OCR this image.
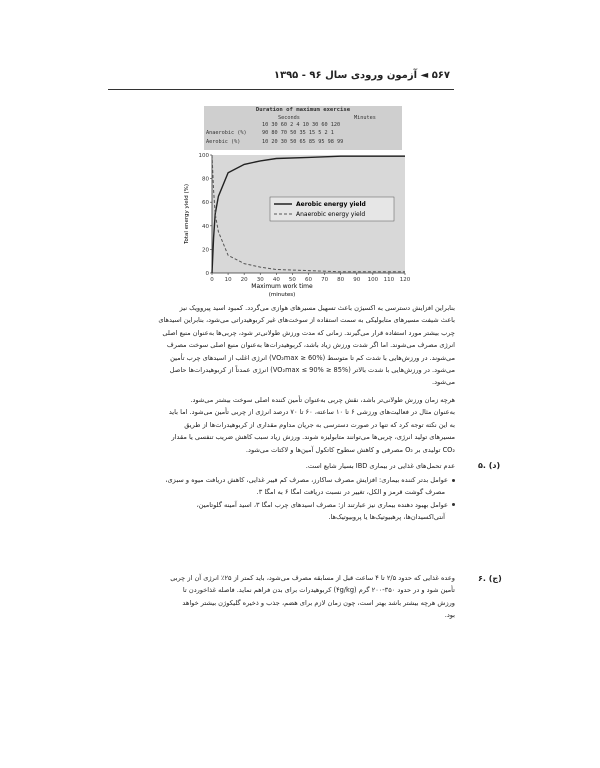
۵۶۷ ◄ آزمون ورودی سال ۹۶ - ۱۳۹۵
Duration of maximum exercise
Seconds	Minutes
10 30 60 2 4 10 30 60 120
Anaerobic (%)	90 80 70 50 35 15 5 2 1
Aerobic (%)	10 20 30 50 65 85 95 98 99
0 10 20 30 40 50 60 70 80 90 100 110 120
0
20
40
60
80
100
Aerobic energy yield
Anaerobic energy yield
Total energy yield (%)
Maximum work time
(minutes)
بنابراین افزایش دسترسی به اکسیژن باعث تسهیل مسیرهای هوازی می‌گردد. کمبود اسید پیروویک نیز
باعث شیفت مسیرهای متابولیکی به سمت استفاده از سوخت‌های غیر کربوهیدراتی می‌شود، بنابراین اسیدهای
چرب بیشتر مورد استفاده قرار می‌گیرند. زمانی که مدت ورزش طولانی‌تر شود، چربی‌ها به‌عنوان منبع اصلی
انرژی مصرف می‌شوند. اما اگر شدت ورزش زیاد باشد، کربوهیدرات‌ها به‌عنوان منبع اصلی سوخت مصرف
می‌شوند. در ورزش‌هایی با شدت کم تا متوسط (VO₂max ≥ 60%) انرژی اغلب از اسیدهای چرب تأمین
می‌شود. در ورزش‌هایی با شدت بالاتر (VO₂max ≤ 90% ≥ 85%) انرژی عمدتاً از کربوهیدرات‌ها حاصل
می‌شود.
هرچه زمان ورزش طولانی‌تر باشد، نقش چربی به‌عنوان تأمین کننده اصلی سوخت بیشتر می‌شود.
به‌عنوان مثال در فعالیت‌های ورزشی ۶ تا ۱۰ ساعته، ۶۰ تا ۷۰ درصد انرژی از چربی تأمین می‌شود. اما باید
به این نکته توجه کرد که تنها در صورت دسترسی به جریان مداوم مقداری از کربوهیدرات‌ها از طریق
مسیرهای تولید انرژی، چربی‌ها می‌توانند متابولیزه شوند. ورزش زیاد سبب کاهش ضریب تنفسی یا مقدار
CO₂ تولیدی بر O₂ مصرفی و کاهش سطوح کاتکول آمین‌ها و لاکتات می‌شود.
۵. (د)
عدم تحمل‌های غذایی در بیماری IBD بسیار شایع است.
عوامل بدتر کننده بیماری: افزایش مصرف ساکارز، مصرف کم فیبر غذایی، کاهش دریافت میوه و سبزی،
مصرف گوشت قرمز و الکل، تغییر در نسبت دریافت امگا ۶ به امگا ۳.
عوامل بهبود دهنده بیماری نیز عبارتند از: مصرف اسیدهای چرب امگا ۳، اسید آمینه گلوتامین،
آنتی‌اکسیدان‌ها، پرهبیوتیک‌ها یا پروبیوتیک‌ها.
۶. (ج)
وعده غذایی که حدود ۲/۵ تا ۴ ساعت قبل از مسابقه مصرف می‌شود، باید کمتر از ۲۵٪ انرژی آن از چربی
تأمین شود و در حدود ۳۵۰-۲۰۰ گرم (۴g/kg) کربوهیدرات برای بدن فراهم نماید. فاصله غذاخوردن تا
ورزش هرچه بیشتر باشد بهتر است، چون زمان لازم برای هضم، جذب و ذخیره گلیکوژن بیشتر خواهد
بود.
